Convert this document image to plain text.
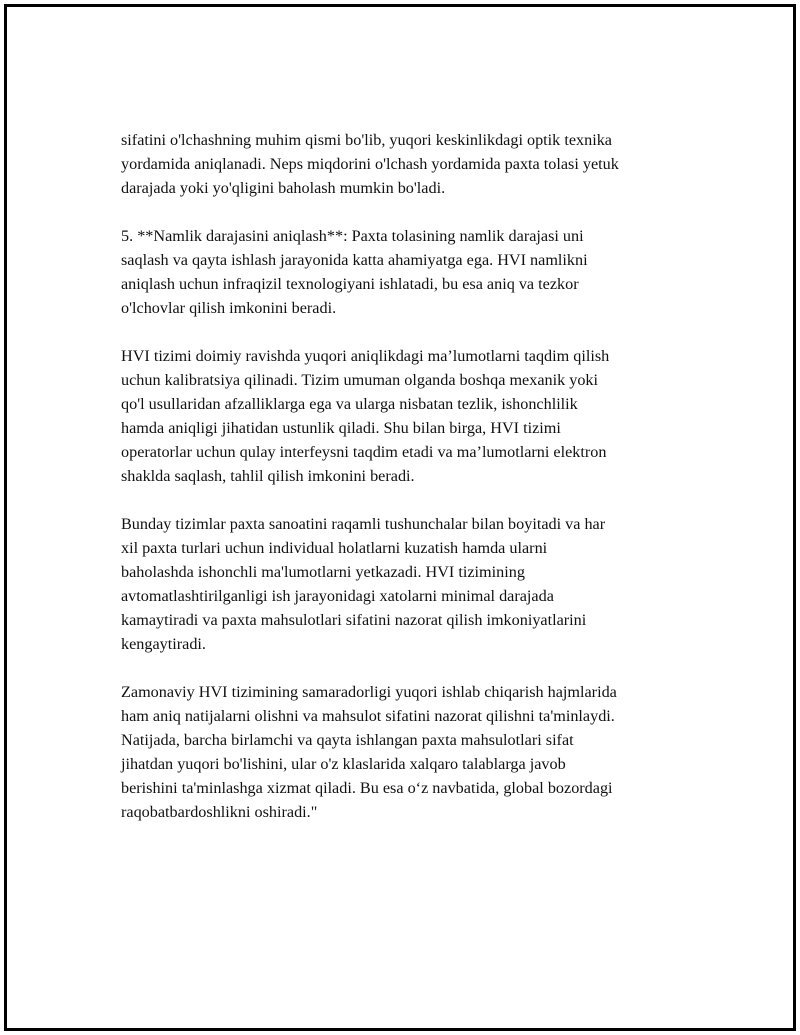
sifatini o'lchashning muhim qismi bo'lib, yuqori keskinlikdagi optik texnika
yordamida aniqlanadi. Neps miqdorini o'lchash yordamida paxta tolasi yetuk
darajada yoki yo'qligini baholash mumkin bo'ladi.

5. **Namlik darajasini aniqlash**: Paxta tolasining namlik darajasi uni
saqlash va qayta ishlash jarayonida katta ahamiyatga ega. HVI namlikni
aniqlash uchun infraqizil texnologiyani ishlatadi, bu esa aniq va tezkor
o'lchovlar qilish imkonini beradi.

HVI tizimi doimiy ravishda yuqori aniqlikdagi ma’lumotlarni taqdim qilish
uchun kalibratsiya qilinadi. Tizim umuman olganda boshqa mexanik yoki
qo'l usullaridan afzalliklarga ega va ularga nisbatan tezlik, ishonchlilik
hamda aniqligi jihatidan ustunlik qiladi. Shu bilan birga, HVI tizimi
operatorlar uchun qulay interfeysni taqdim etadi va ma’lumotlarni elektron
shaklda saqlash, tahlil qilish imkonini beradi.

Bunday tizimlar paxta sanoatini raqamli tushunchalar bilan boyitadi va har
xil paxta turlari uchun individual holatlarni kuzatish hamda ularni
baholashda ishonchli ma'lumotlarni yetkazadi. HVI tizimining
avtomatlashtirilganligi ish jarayonidagi xatolarni minimal darajada
kamaytiradi va paxta mahsulotlari sifatini nazorat qilish imkoniyatlarini
kengaytiradi.

Zamonaviy HVI tizimining samaradorligi yuqori ishlab chiqarish hajmlarida
ham aniq natijalarni olishni va mahsulot sifatini nazorat qilishni ta'minlaydi.
Natijada, barcha birlamchi va qayta ishlangan paxta mahsulotlari sifat
jihatdan yuqori bo'lishini, ular o'z klaslarida xalqaro talablarga javob
berishini ta'minlashga xizmat qiladi. Bu esa o‘z navbatida, global bozordagi
raqobatbardoshlikni oshiradi."
